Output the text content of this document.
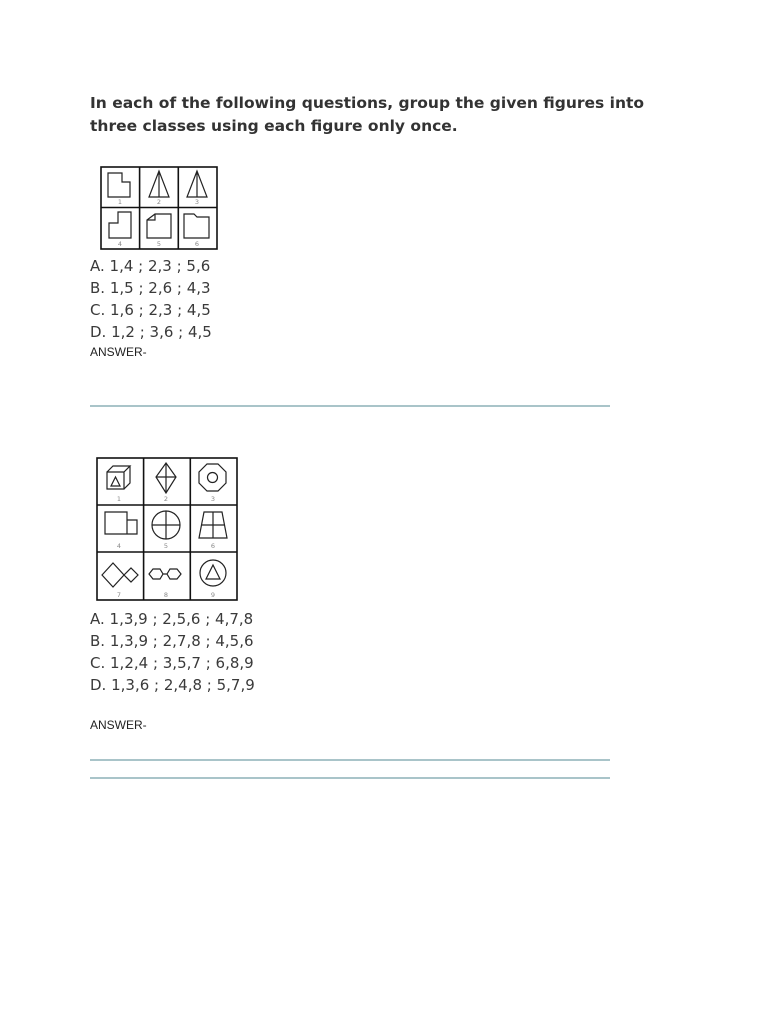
In each of the following questions, group the given figures into three classes using each figure only once.
1	2	3
4	5	6
A. 1,4 ; 2,3 ; 5,6
B. 1,5 ; 2,6 ; 4,3
C. 1,6 ; 2,3 ; 4,5
D. 1,2 ; 3,6 ; 4,5
ANSWER-
1	2	3
4	5	6
7	8	9
A. 1,3,9 ; 2,5,6 ; 4,7,8
B. 1,3,9 ; 2,7,8 ; 4,5,6
C. 1,2,4 ; 3,5,7 ; 6,8,9
D. 1,3,6 ; 2,4,8 ; 5,7,9
ANSWER-
